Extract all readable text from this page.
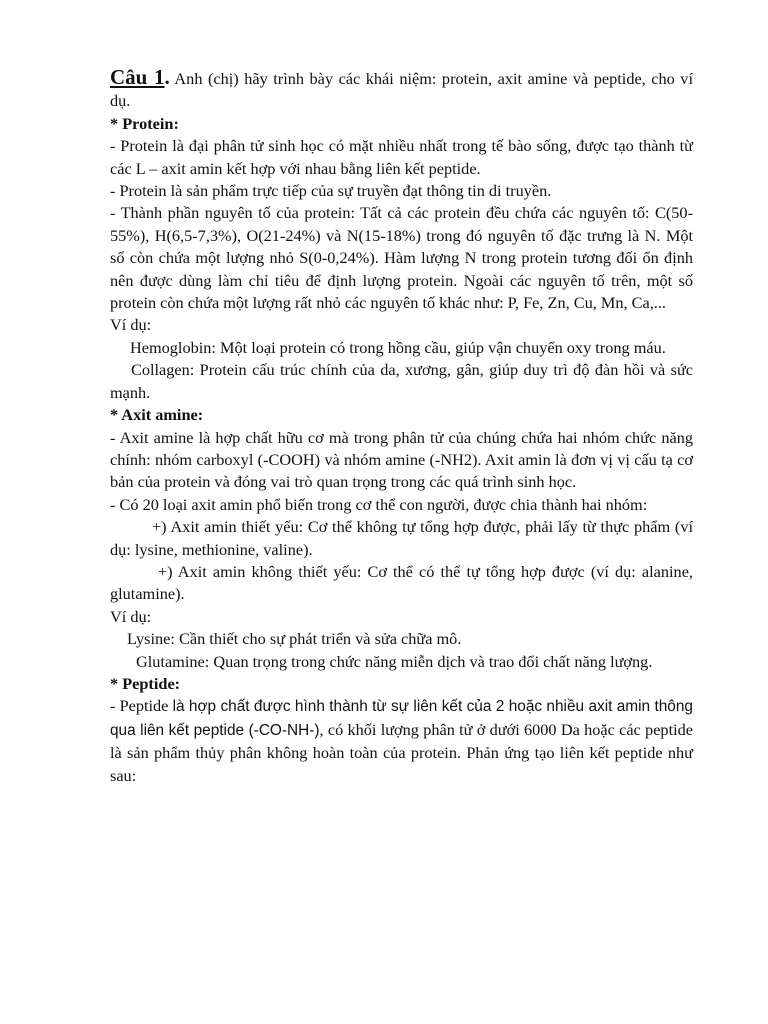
Câu 1. Anh (chị) hãy trình bày các khái niệm: protein, axit amine và peptide, cho ví dụ.

* Protein:

- Protein là đại phân tử sinh học có mặt nhiều nhất trong tế bào sống, được tạo thành từ các L – axit amin kết hợp với nhau bằng liên kết peptide.

- Protein là sản phẩm trực tiếp của sự truyền đạt thông tin di truyền.

- Thành phần nguyên tố của protein: Tất cả các protein đều chứa các nguyên tố: C(50-55%), H(6,5-7,3%), O(21-24%) và N(15-18%) trong đó nguyên tố đặc trưng là N. Một số còn chứa một lượng nhỏ S(0-0,24%). Hàm lượng N trong protein tương đối ổn định nên được dùng làm chỉ tiêu để định lượng protein. Ngoài các nguyên tố trên, một số protein còn chứa một lượng rất nhỏ các nguyên tố khác như: P, Fe, Zn, Cu, Mn, Ca,...

Ví dụ:

Hemoglobin: Một loại protein có trong hồng cầu, giúp vận chuyển oxy trong máu.

Collagen: Protein cấu trúc chính của da, xương, gân, giúp duy trì độ đàn hồi và sức mạnh.

* Axit amine:

- Axit amine là hợp chất hữu cơ mà trong phân tử của chúng chứa hai nhóm chức năng chính: nhóm carboxyl (-COOH) và nhóm amine (-NH2). Axit amin là đơn vị vị cấu tạ cơ bản của protein và đóng vai trò quan trọng trong các quá trình sinh học.

- Có 20 loại axit amin phổ biến trong cơ thể con người, được chia thành hai nhóm:

+) Axit amin thiết yếu: Cơ thể không tự tổng hợp được, phải lấy từ thực phẩm (ví dụ: lysine, methionine, valine).

+) Axit amin không thiết yếu: Cơ thể có thể tự tổng hợp được (ví dụ: alanine, glutamine).

Ví dụ:

Lysine: Cần thiết cho sự phát triển và sửa chữa mô.

Glutamine: Quan trọng trong chức năng miễn dịch và trao đổi chất năng lượng.

* Peptide:

- Peptide là hợp chất được hình thành từ sự liên kết của 2 hoặc nhiều axit amin thông qua liên kết peptide (-CO-NH-), có khối lượng phân tử ở dưới 6000 Da hoặc các peptide là sản phẩm thủy phân không hoàn toàn của protein. Phản ứng tạo liên kết peptide như sau:
